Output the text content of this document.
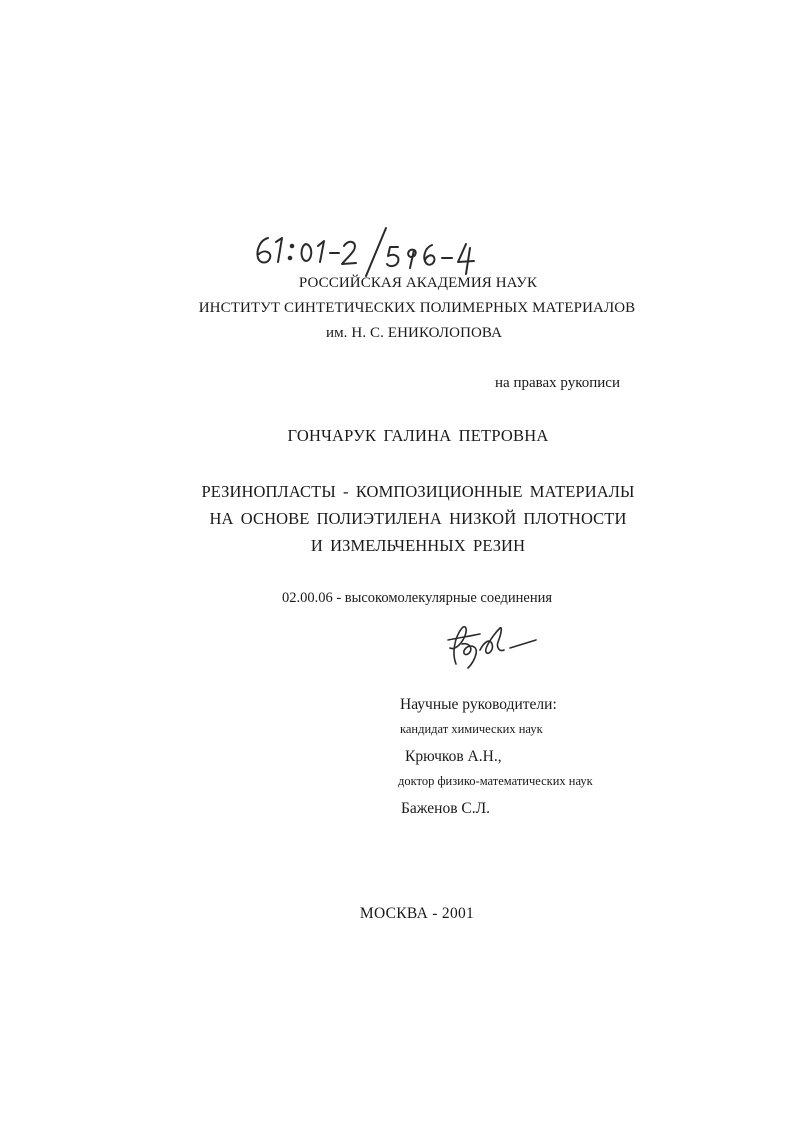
РОССИЙСКАЯ АКАДЕМИЯ НАУК
ИНСТИТУТ СИНТЕТИЧЕСКИХ ПОЛИМЕРНЫХ МАТЕРИАЛОВ
им. Н. С. ЕНИКОЛОПОВА
на правах рукописи
ГОНЧАРУК ГАЛИНА ПЕТРОВНА
РЕЗИНОПЛАСТЫ - КОМПОЗИЦИОННЫЕ МАТЕРИАЛЫ
НА ОСНОВЕ ПОЛИЭТИЛЕНА НИЗКОЙ ПЛОТНОСТИ
И ИЗМЕЛЬЧЕННЫХ РЕЗИН
02.00.06 - высокомолекулярные соединения
Научные руководители:
кандидат химических наук
Крючков А.Н.,
доктор физико-математических наук
Баженов С.Л.
МОСКВА - 2001
